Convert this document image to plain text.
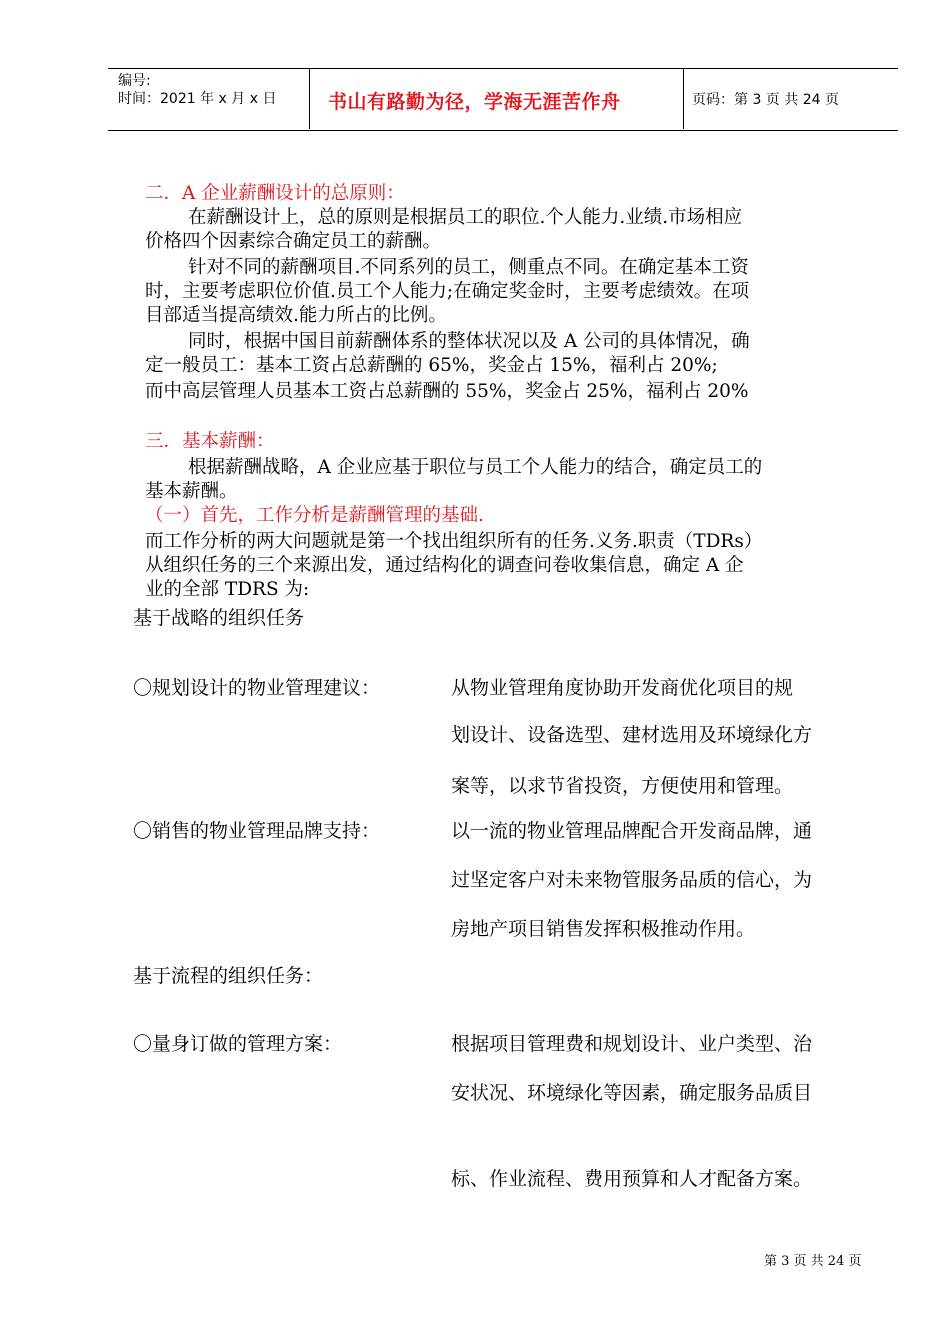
编号:
时间：2021 年 x 月 x 日	书山有路勤为径，学海无涯苦作舟	页码：第 3 页 共 24 页
二．A 企业薪酬设计的总原则：
在薪酬设计上，总的原则是根据员工的职位.个人能力.业绩.市场相应
价格四个因素综合确定员工的薪酬。
针对不同的薪酬项目.不同系列的员工，侧重点不同。在确定基本工资
时，主要考虑职位价值.员工个人能力;在确定奖金时，主要考虑绩效。在项
目部适当提高绩效.能力所占的比例。
同时，根据中国目前薪酬体系的整体状况以及 A 公司的具体情况，确
定一般员工：基本工资占总薪酬的 65%，奖金占 15%，福利占 20%;
而中高层管理人员基本工资占总薪酬的 55%，奖金占 25%，福利占 20%
三．基本薪酬：
根据薪酬战略，A 企业应基于职位与员工个人能力的结合，确定员工的
基本薪酬。
（一）首先，工作分析是薪酬管理的基础.
而工作分析的两大问题就是第一个找出组织所有的任务.义务.职责（TDRs）
从组织任务的三个来源出发，通过结构化的调查问卷收集信息，确定 A 企
业的全部 TDRS 为:
基于战略的组织任务
〇规划设计的物业管理建议：	从物业管理角度协助开发商优化项目的规
划设计、设备选型、建材选用及环境绿化方
案等，以求节省投资，方便使用和管理。
〇销售的物业管理品牌支持：	以一流的物业管理品牌配合开发商品牌，通
过坚定客户对未来物管服务品质的信心，为
房地产项目销售发挥积极推动作用。
基于流程的组织任务：
〇量身订做的管理方案：	根据项目管理费和规划设计、业户类型、治
安状况、环境绿化等因素，确定服务品质目
标、作业流程、费用预算和人才配备方案。
第 3 页 共 24 页
